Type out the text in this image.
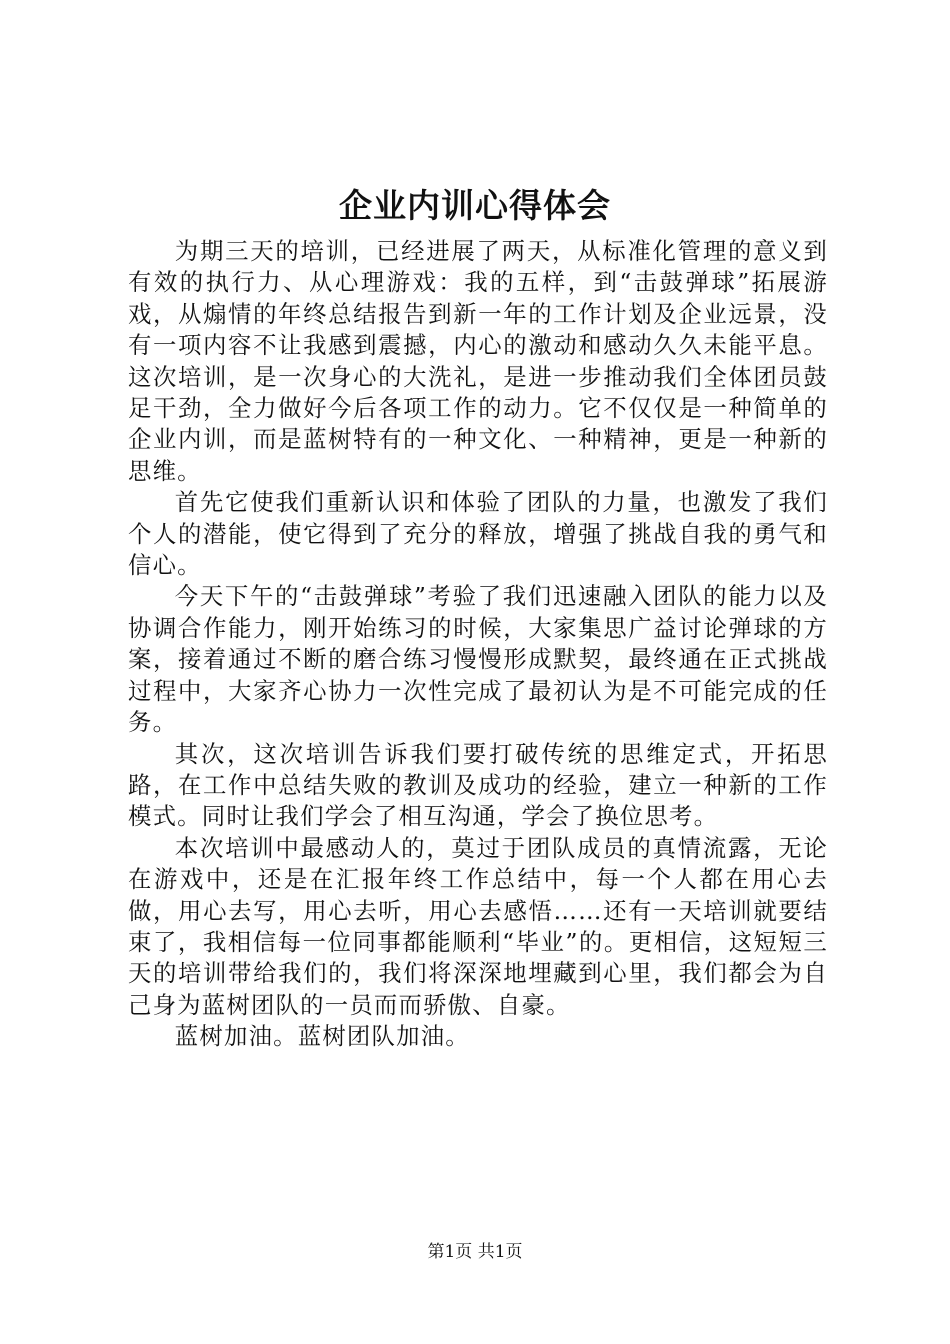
企业内训心得体会

为期三天的培训，已经进展了两天，从标准化管理的意义到有效的执行力、从心理游戏：我的五样，到“击鼓弹球”拓展游戏，从煽情的年终总结报告到新一年的工作计划及企业远景，没有一项内容不让我感到震撼，内心的激动和感动久久未能平息。这次培训，是一次身心的大洗礼，是进一步推动我们全体团员鼓足干劲，全力做好今后各项工作的动力。它不仅仅是一种简单的企业内训，而是蓝树特有的一种文化、一种精神，更是一种新的思维。

首先它使我们重新认识和体验了团队的力量，也激发了我们个人的潜能，使它得到了充分的释放，增强了挑战自我的勇气和信心。

今天下午的“击鼓弹球”考验了我们迅速融入团队的能力以及协调合作能力，刚开始练习的时候，大家集思广益讨论弹球的方案，接着通过不断的磨合练习慢慢形成默契，最终通在正式挑战过程中，大家齐心协力一次性完成了最初认为是不可能完成的任务。

其次，这次培训告诉我们要打破传统的思维定式，开拓思路，在工作中总结失败的教训及成功的经验，建立一种新的工作模式。同时让我们学会了相互沟通，学会了换位思考。

本次培训中最感动人的，莫过于团队成员的真情流露，无论在游戏中，还是在汇报年终工作总结中，每一个人都在用心去做，用心去写，用心去听，用心去感悟……还有一天培训就要结束了，我相信每一位同事都能顺利“毕业”的。更相信，这短短三天的培训带给我们的，我们将深深地埋藏到心里，我们都会为自己身为蓝树团队的一员而而骄傲、自豪。

蓝树加油。蓝树团队加油。

第1页 共1页
